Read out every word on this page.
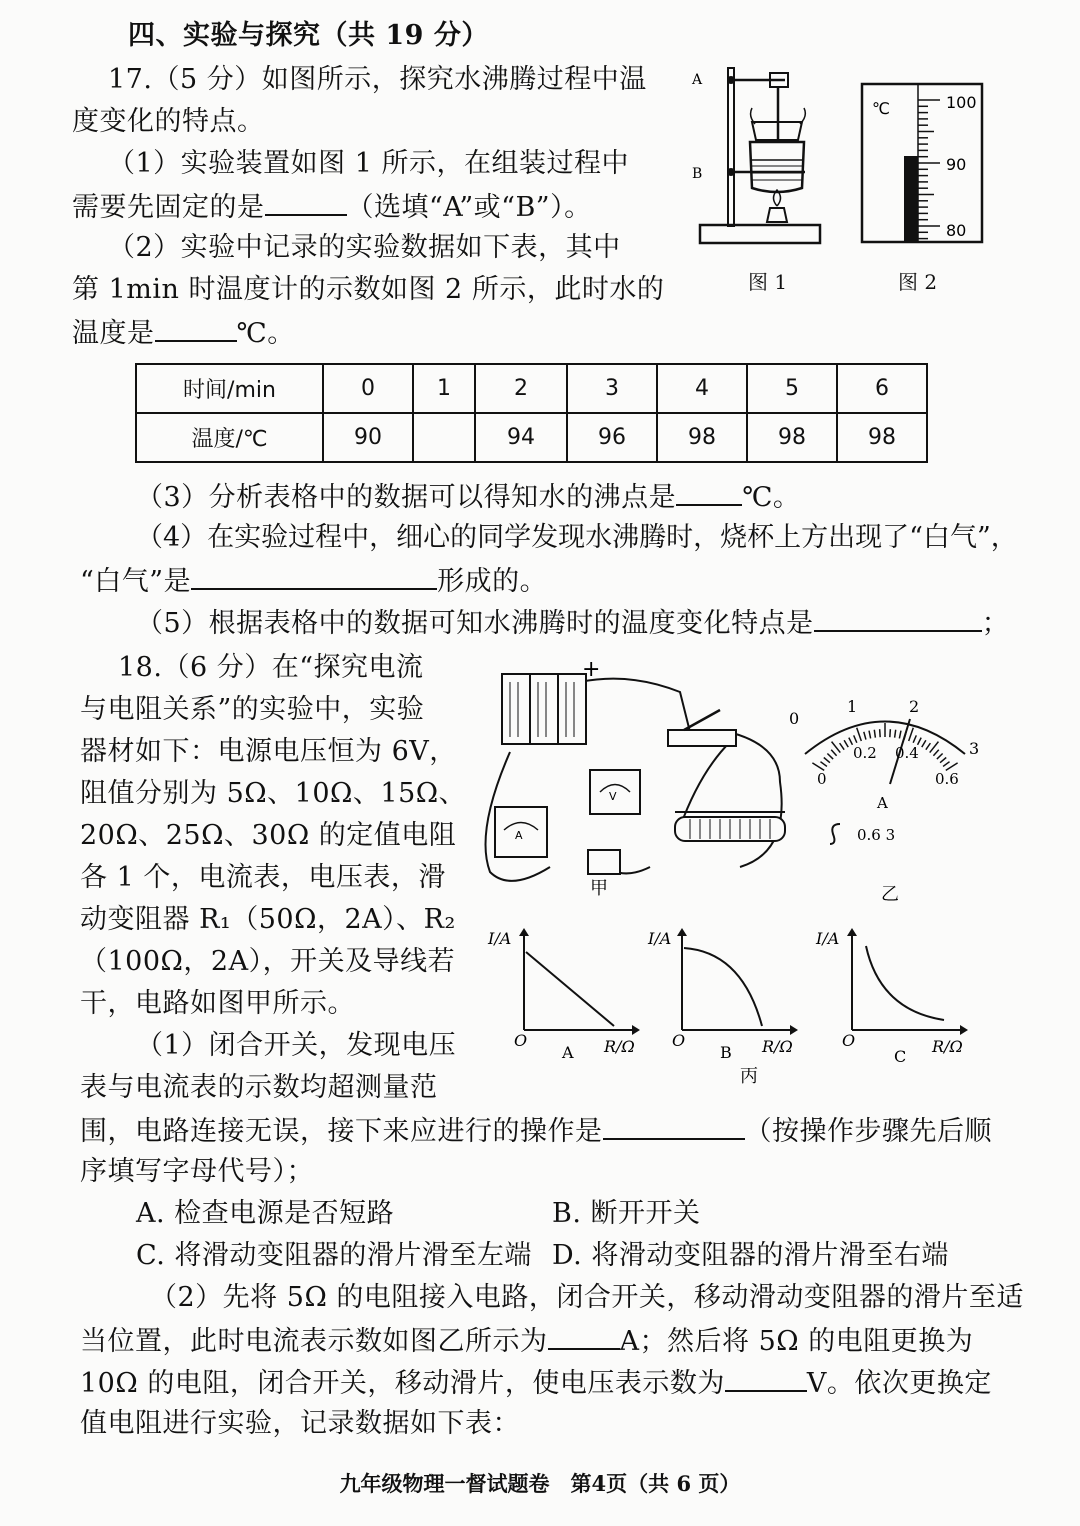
四、实验与探究（共 19 分）
17.（5 分）如图所示，探究水沸腾过程中温
度变化的特点。
（1）实验装置如图 1 所示，在组装过程中
需要先固定的是	（选填“A”或“B”）。
（2）实验中记录的实验数据如下表，其中
第 1min 时温度计的示数如图 2 所示，此时水的
温度是	℃。
A
B
图 1
℃	100
90
80
图 2
时间/min	0	1	2	3	4	5	6
温度/℃	90		94	96	98	98	98
（3）分析表格中的数据可以得知水的沸点是 ℃。
（4）在实验过程中，细心的同学发现水沸腾时，烧杯上方出现了“白气”，
“白气”是	形成的。
（5）根据表格中的数据可知水沸腾时的温度变化特点是	；
18.（6 分）在“探究电流
与电阻关系”的实验中，实验
器材如下：电源电压恒为 6V，
阻值分别为 5Ω、10Ω、15Ω、
20Ω、25Ω、30Ω 的定值电阻
各 1 个，电流表，电压表，滑
动变阻器 R₁（50Ω，2A）、R₂
（100Ω，2A），开关及导线若
干，电路如图甲所示。
（1）闭合开关，发现电压
表与电流表的示数均超测量范
+
V
A
甲
0
1	2
3
0
0.2 0.4
0.6
A
0.6 3
乙
丙
I/A	I/A	I/A
R/Ω	R/Ω	R/Ω
O	O	O
A	B	C
围，电路连接无误，接下来应进行的操作是	（按操作步骤先后顺
序填写字母代号）；
A. 检查电源是否短路	B. 断开开关
C. 将滑动变阻器的滑片滑至左端 D. 将滑动变阻器的滑片滑至右端
（2）先将 5Ω 的电阻接入电路，闭合开关，移动滑动变阻器的滑片至适
当位置，此时电流表示数如图乙所示为	A；然后将 5Ω 的电阻更换为
10Ω 的电阻，闭合开关，移动滑片，使电压表示数为	V。依次更换定
值电阻进行实验，记录数据如下表：
九年级物理一督试题卷　第4页（共 6 页）
